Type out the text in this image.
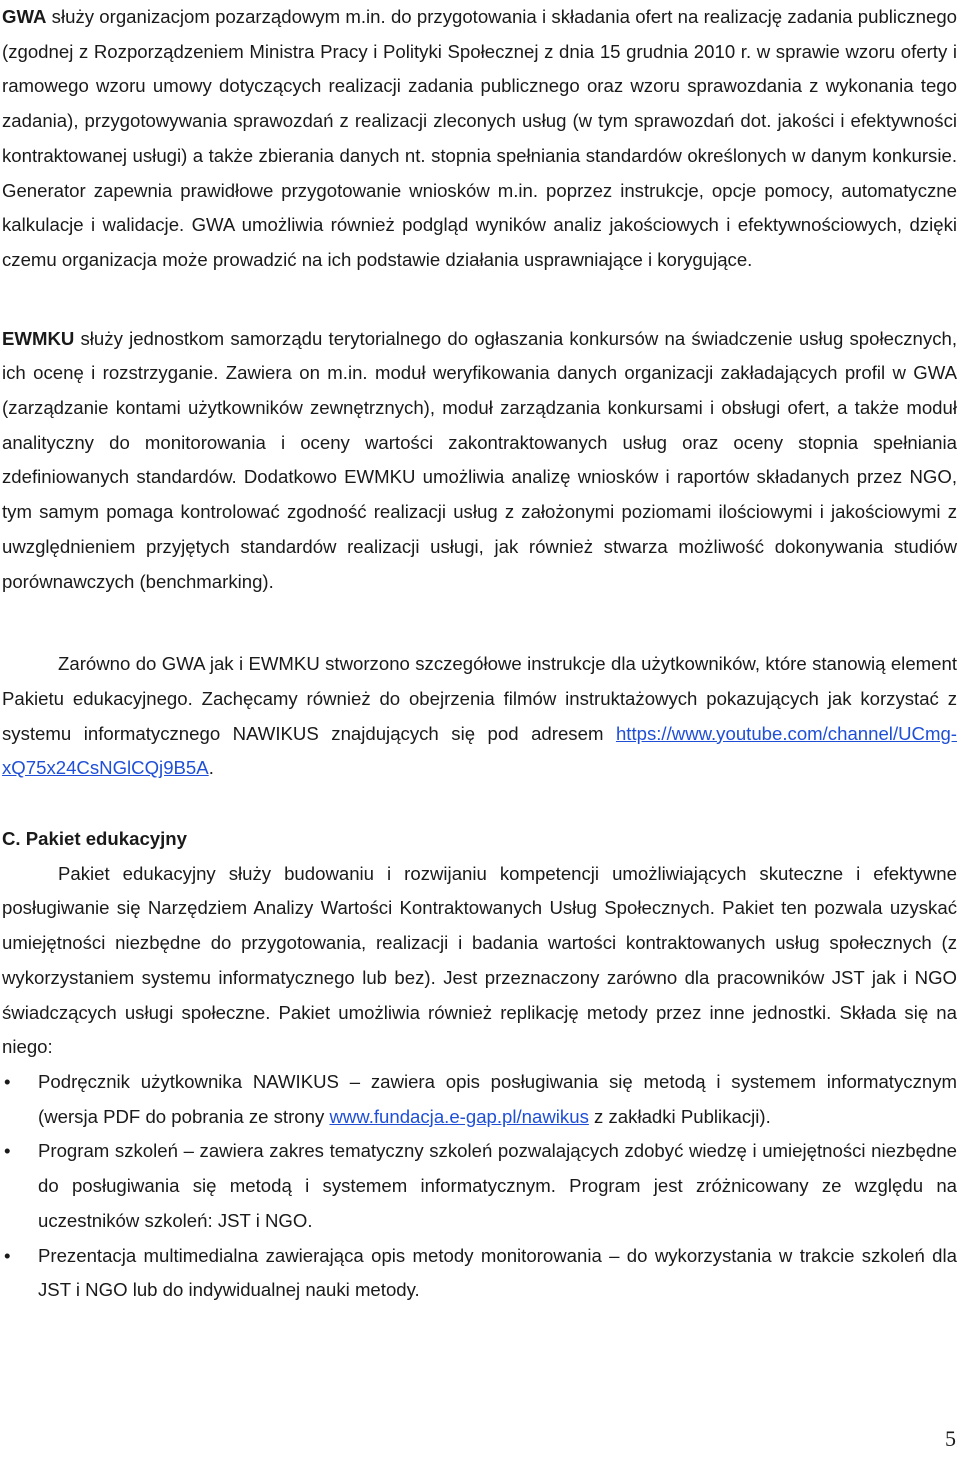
GWA służy organizacjom pozarządowym m.in. do przygotowania i składania ofert na realizację zadania publicznego (zgodnej z Rozporządzeniem Ministra Pracy i Polityki Społecznej z dnia 15 grudnia 2010 r. w sprawie wzoru oferty i ramowego wzoru umowy dotyczących realizacji zadania publicznego oraz wzoru sprawozdania z wykonania tego zadania), przygotowywania sprawozdań z realizacji zleconych usług (w tym sprawozdań dot. jakości i efektywności kontraktowanej usługi) a także zbierania danych nt. stopnia spełniania standardów określonych w danym konkursie. Generator zapewnia prawidłowe przygotowanie wniosków m.in. poprzez instrukcje, opcje pomocy, automatyczne kalkulacje i walidacje. GWA umożliwia również podgląd wyników analiz jakościowych i efektywnościowych, dzięki czemu organizacja może prowadzić na ich podstawie działania usprawniające i korygujące.

EWMKU służy jednostkom samorządu terytorialnego do ogłaszania konkursów na świadczenie usług społecznych, ich ocenę i rozstrzyganie. Zawiera on m.in. moduł weryfikowania danych organizacji zakładających profil w GWA (zarządzanie kontami użytkowników zewnętrznych), moduł zarządzania konkursami i obsługi ofert, a także moduł analityczny do monitorowania i oceny wartości zakontraktowanych usług oraz oceny stopnia spełniania zdefiniowanych standardów. Dodatkowo EWMKU umożliwia analizę wniosków i raportów składanych przez NGO, tym samym pomaga kontrolować zgodność realizacji usług z założonymi poziomami ilościowymi i jakościowymi z uwzględnieniem przyjętych standardów realizacji usługi, jak również stwarza możliwość dokonywania studiów porównawczych (benchmarking).

Zarówno do GWA jak i EWMKU stworzono szczegółowe instrukcje dla użytkowników, które stanowią element Pakietu edukacyjnego. Zachęcamy również do obejrzenia filmów instruktażowych pokazujących jak korzystać z systemu informatycznego NAWIKUS znajdujących się pod adresem https://www.youtube.com/channel/UCmg-xQ75x24CsNGlCQj9B5A.

C. Pakiet edukacyjny

Pakiet edukacyjny służy budowaniu i rozwijaniu kompetencji umożliwiających skuteczne i efektywne posługiwanie się Narzędziem Analizy Wartości Kontraktowanych Usług Społecznych. Pakiet ten pozwala uzyskać umiejętności niezbędne do przygotowania, realizacji i badania wartości kontraktowanych usług społecznych (z wykorzystaniem systemu informatycznego lub bez). Jest przeznaczony zarówno dla pracowników JST jak i NGO świadczących usługi społeczne. Pakiet umożliwia również replikację metody przez inne jednostki. Składa się na niego:

• Podręcznik użytkownika NAWIKUS – zawiera opis posługiwania się metodą i systemem informatycznym (wersja PDF do pobrania ze strony www.fundacja.e-gap.pl/nawikus z zakładki Publikacji).
• Program szkoleń – zawiera zakres tematyczny szkoleń pozwalających zdobyć wiedzę i umiejętności niezbędne do posługiwania się metodą i systemem informatycznym. Program jest zróżnicowany ze względu na uczestników szkoleń: JST i NGO.
• Prezentacja multimedialna zawierająca opis metody monitorowania – do wykorzystania w trakcie szkoleń dla JST i NGO lub do indywidualnej nauki metody.
5
